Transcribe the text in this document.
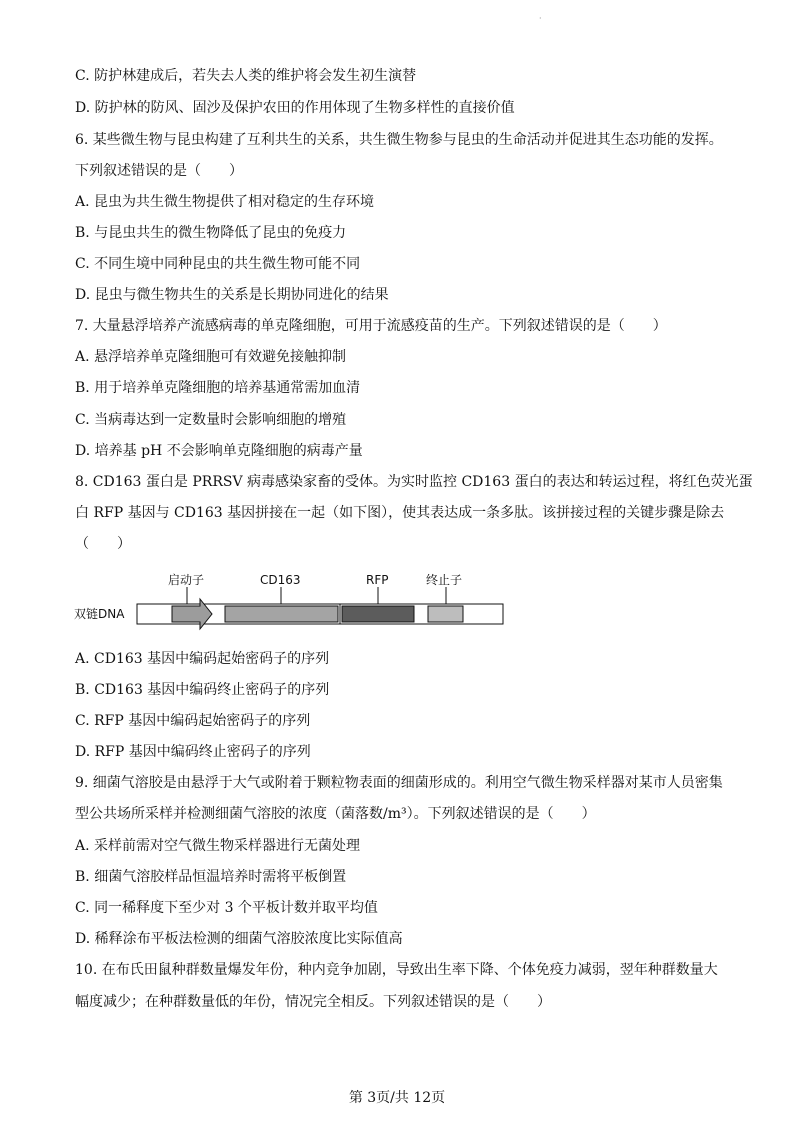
·
C. 防护林建成后，若失去人类的维护将会发生初生演替
D. 防护林的防风、固沙及保护农田的作用体现了生物多样性的直接价值
6. 某些微生物与昆虫构建了互利共生的关系，共生微生物参与昆虫的生命活动并促进其生态功能的发挥。
下列叙述错误的是（　　）
A. 昆虫为共生微生物提供了相对稳定的生存环境
B. 与昆虫共生的微生物降低了昆虫的免疫力
C. 不同生境中同种昆虫的共生微生物可能不同
D. 昆虫与微生物共生的关系是长期协同进化的结果
7. 大量悬浮培养产流感病毒的单克隆细胞，可用于流感疫苗的生产。下列叙述错误的是（　　）
A. 悬浮培养单克隆细胞可有效避免接触抑制
B. 用于培养单克隆细胞的培养基通常需加血清
C. 当病毒达到一定数量时会影响细胞的增殖
D. 培养基 pH 不会影响单克隆细胞的病毒产量
8. CD163 蛋白是 PRRSV 病毒感染家畜的受体。为实时监控 CD163 蛋白的表达和转运过程，将红色荧光蛋
白 RFP 基因与 CD163 基因拼接在一起（如下图），使其表达成一条多肽。该拼接过程的关键步骤是除去
（　　）
启动子	CD163	RFP	终止子
双链DNA
A. CD163 基因中编码起始密码子的序列
B. CD163 基因中编码终止密码子的序列
C. RFP 基因中编码起始密码子的序列
D. RFP 基因中编码终止密码子的序列
9. 细菌气溶胶是由悬浮于大气或附着于颗粒物表面的细菌形成的。利用空气微生物采样器对某市人员密集
型公共场所采样并检测细菌气溶胶的浓度（菌落数/m³）。下列叙述错误的是（　　）
A. 采样前需对空气微生物采样器进行无菌处理
B. 细菌气溶胶样品恒温培养时需将平板倒置
C. 同一稀释度下至少对 3 个平板计数并取平均值
D. 稀释涂布平板法检测的细菌气溶胶浓度比实际值高
10. 在布氏田鼠种群数量爆发年份，种内竞争加剧，导致出生率下降、个体免疫力减弱，翌年种群数量大
幅度减少；在种群数量低的年份，情况完全相反。下列叙述错误的是（　　）
第 3页/共 12页
